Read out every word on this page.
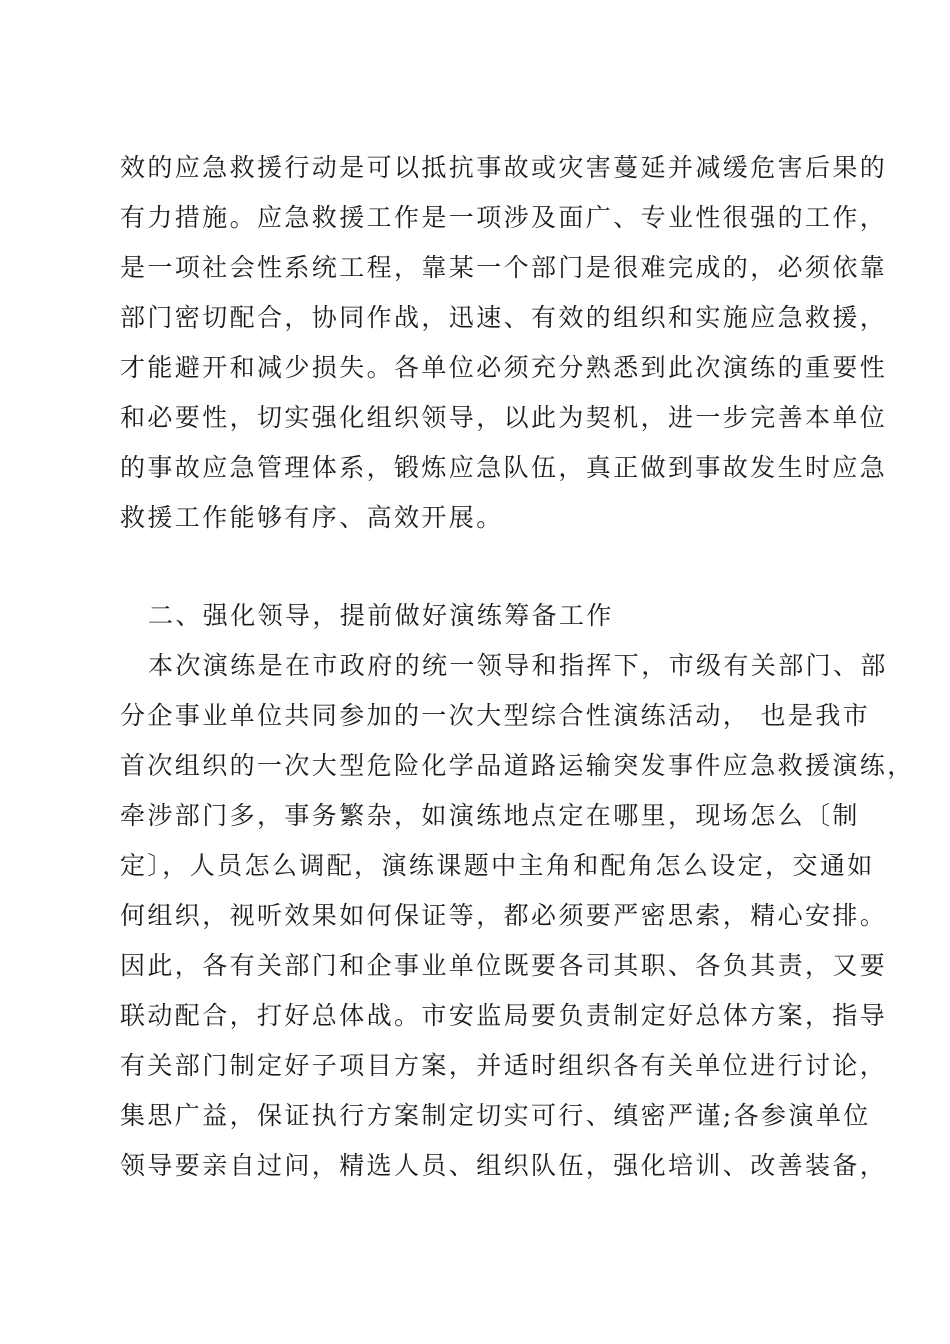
效的应急救援行动是可以抵抗事故或灾害蔓延并减缓危害后果的
有力措施。应急救援工作是一项涉及面广、专业性很强的工作，
是一项社会性系统工程，靠某一个部门是很难完成的，必须依靠
部门密切配合，协同作战，迅速、有效的组织和实施应急救援，
才能避开和减少损失。各单位必须充分熟悉到此次演练的重要性
和必要性，切实强化组织领导，以此为契机，进一步完善本单位
的事故应急管理体系，锻炼应急队伍，真正做到事故发生时应急
救援工作能够有序、高效开展。
二、强化领导，提前做好演练筹备工作
本次演练是在市政府的统一领导和指挥下，市级有关部门、部
分企事业单位共同参加的一次大型综合性演练活动， 也是我市
首次组织的一次大型危险化学品道路运输突发事件应急救援演练，
牵涉部门多，事务繁杂，如演练地点定在哪里，现场怎么〔制
定〕，人员怎么调配，演练课题中主角和配角怎么设定，交通如
何组织，视听效果如何保证等，都必须要严密思索，精心安排。
因此，各有关部门和企事业单位既要各司其职、各负其责，又要
联动配合，打好总体战。市安监局要负责制定好总体方案，指导
有关部门制定好子项目方案，并适时组织各有关单位进行讨论，
集思广益，保证执行方案制定切实可行、缜密严谨;各参演单位
领导要亲自过问，精选人员、组织队伍，强化培训、改善装备，
